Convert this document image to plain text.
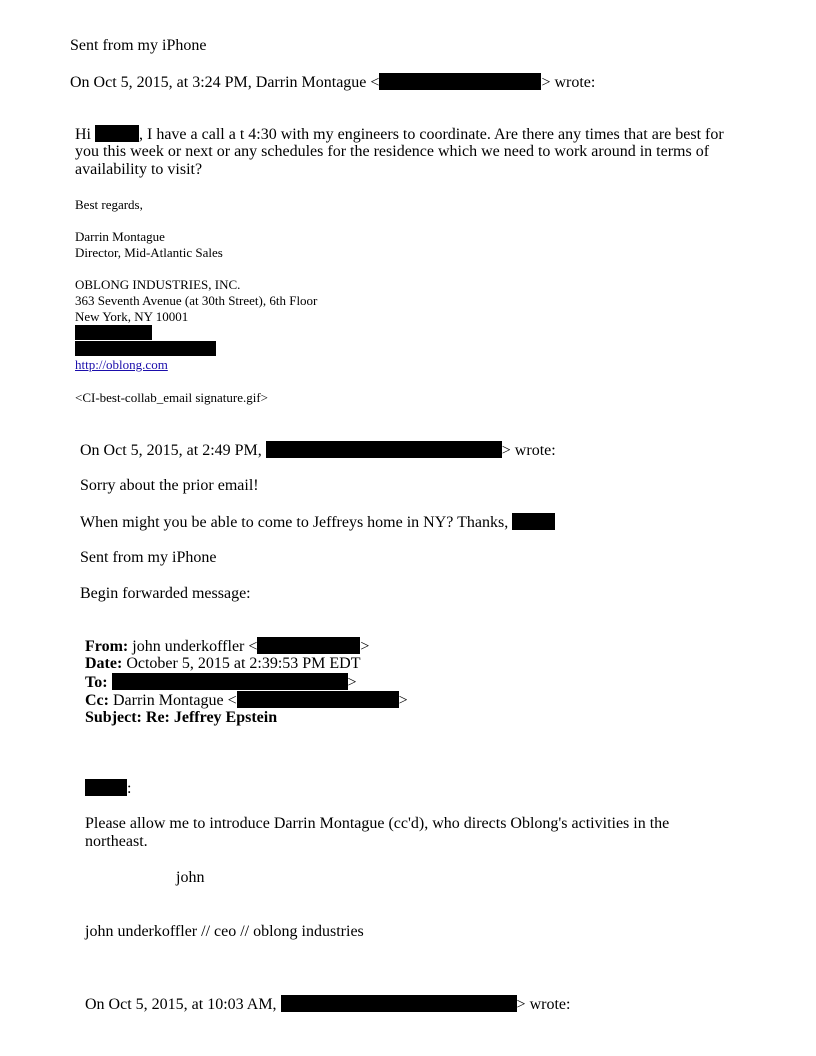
Sent from my iPhone
On Oct 5, 2015, at 3:24 PM, Darrin Montague <	> wrote:
Hi	, I have a call a t 4:30 with my engineers to coordinate. Are there any times that are best for
you this week or next or any schedules for the residence which we need to work around in terms of
availability to visit?
Best regards,
Darrin Montague
Director, Mid-Atlantic Sales
OBLONG INDUSTRIES, INC.
363 Seventh Avenue (at 30th Street), 6th Floor
New York, NY 10001
http://oblong.com
<CI-best-collab_email signature.gif>
On Oct 5, 2015, at 2:49 PM,	> wrote:
Sorry about the prior email!
When might you be able to come to Jeffreys home in NY? Thanks,
Sent from my iPhone
Begin forwarded message:
From: john underkoffler <	>
Date: October 5, 2015 at 2:39:53 PM EDT
To:	>
Cc: Darrin Montague <	>
Subject: Re: Jeffrey Epstein
:
Please allow me to introduce Darrin Montague (cc'd), who directs Oblong's activities in the
northeast.
john
john underkoffler // ceo // oblong industries
On Oct 5, 2015, at 10:03 AM,	> wrote:
